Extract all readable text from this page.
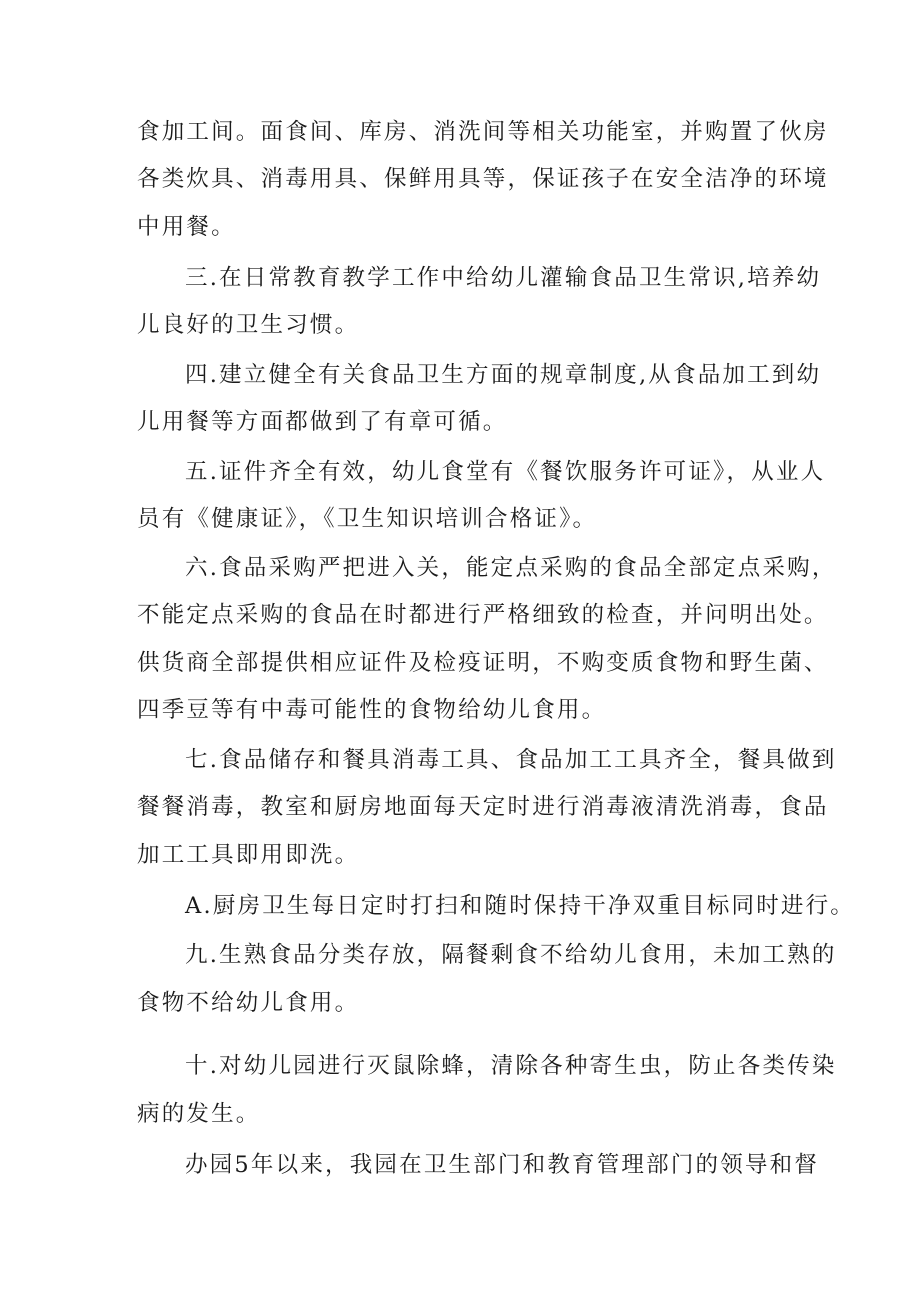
食加工间。面食间、库房、消洗间等相关功能室，并购置了伙房
各类炊具、消毒用具、保鲜用具等，保证孩子在安全洁净的环境
中用餐。
三.在日常教育教学工作中给幼儿灌输食品卫生常识,培养幼
儿良好的卫生习惯。
四.建立健全有关食品卫生方面的规章制度,从食品加工到幼
儿用餐等方面都做到了有章可循。
五.证件齐全有效，幼儿食堂有《餐饮服务许可证》，从业人
员有《健康证》，《卫生知识培训合格证》。
六.食品采购严把进入关，能定点采购的食品全部定点采购，
不能定点采购的食品在时都进行严格细致的检查，并问明出处。
供货商全部提供相应证件及检疫证明，不购变质食物和野生菌、
四季豆等有中毒可能性的食物给幼儿食用。
七.食品储存和餐具消毒工具、食品加工工具齐全，餐具做到
餐餐消毒，教室和厨房地面每天定时进行消毒液清洗消毒，食品
加工工具即用即洗。
A.厨房卫生每日定时打扫和随时保持干净双重目标同时进行。
九.生熟食品分类存放，隔餐剩食不给幼儿食用，未加工熟的
食物不给幼儿食用。
十.对幼儿园进行灭鼠除蜂，清除各种寄生虫，防止各类传染
病的发生。
办园5年以来，我园在卫生部门和教育管理部门的领导和督
